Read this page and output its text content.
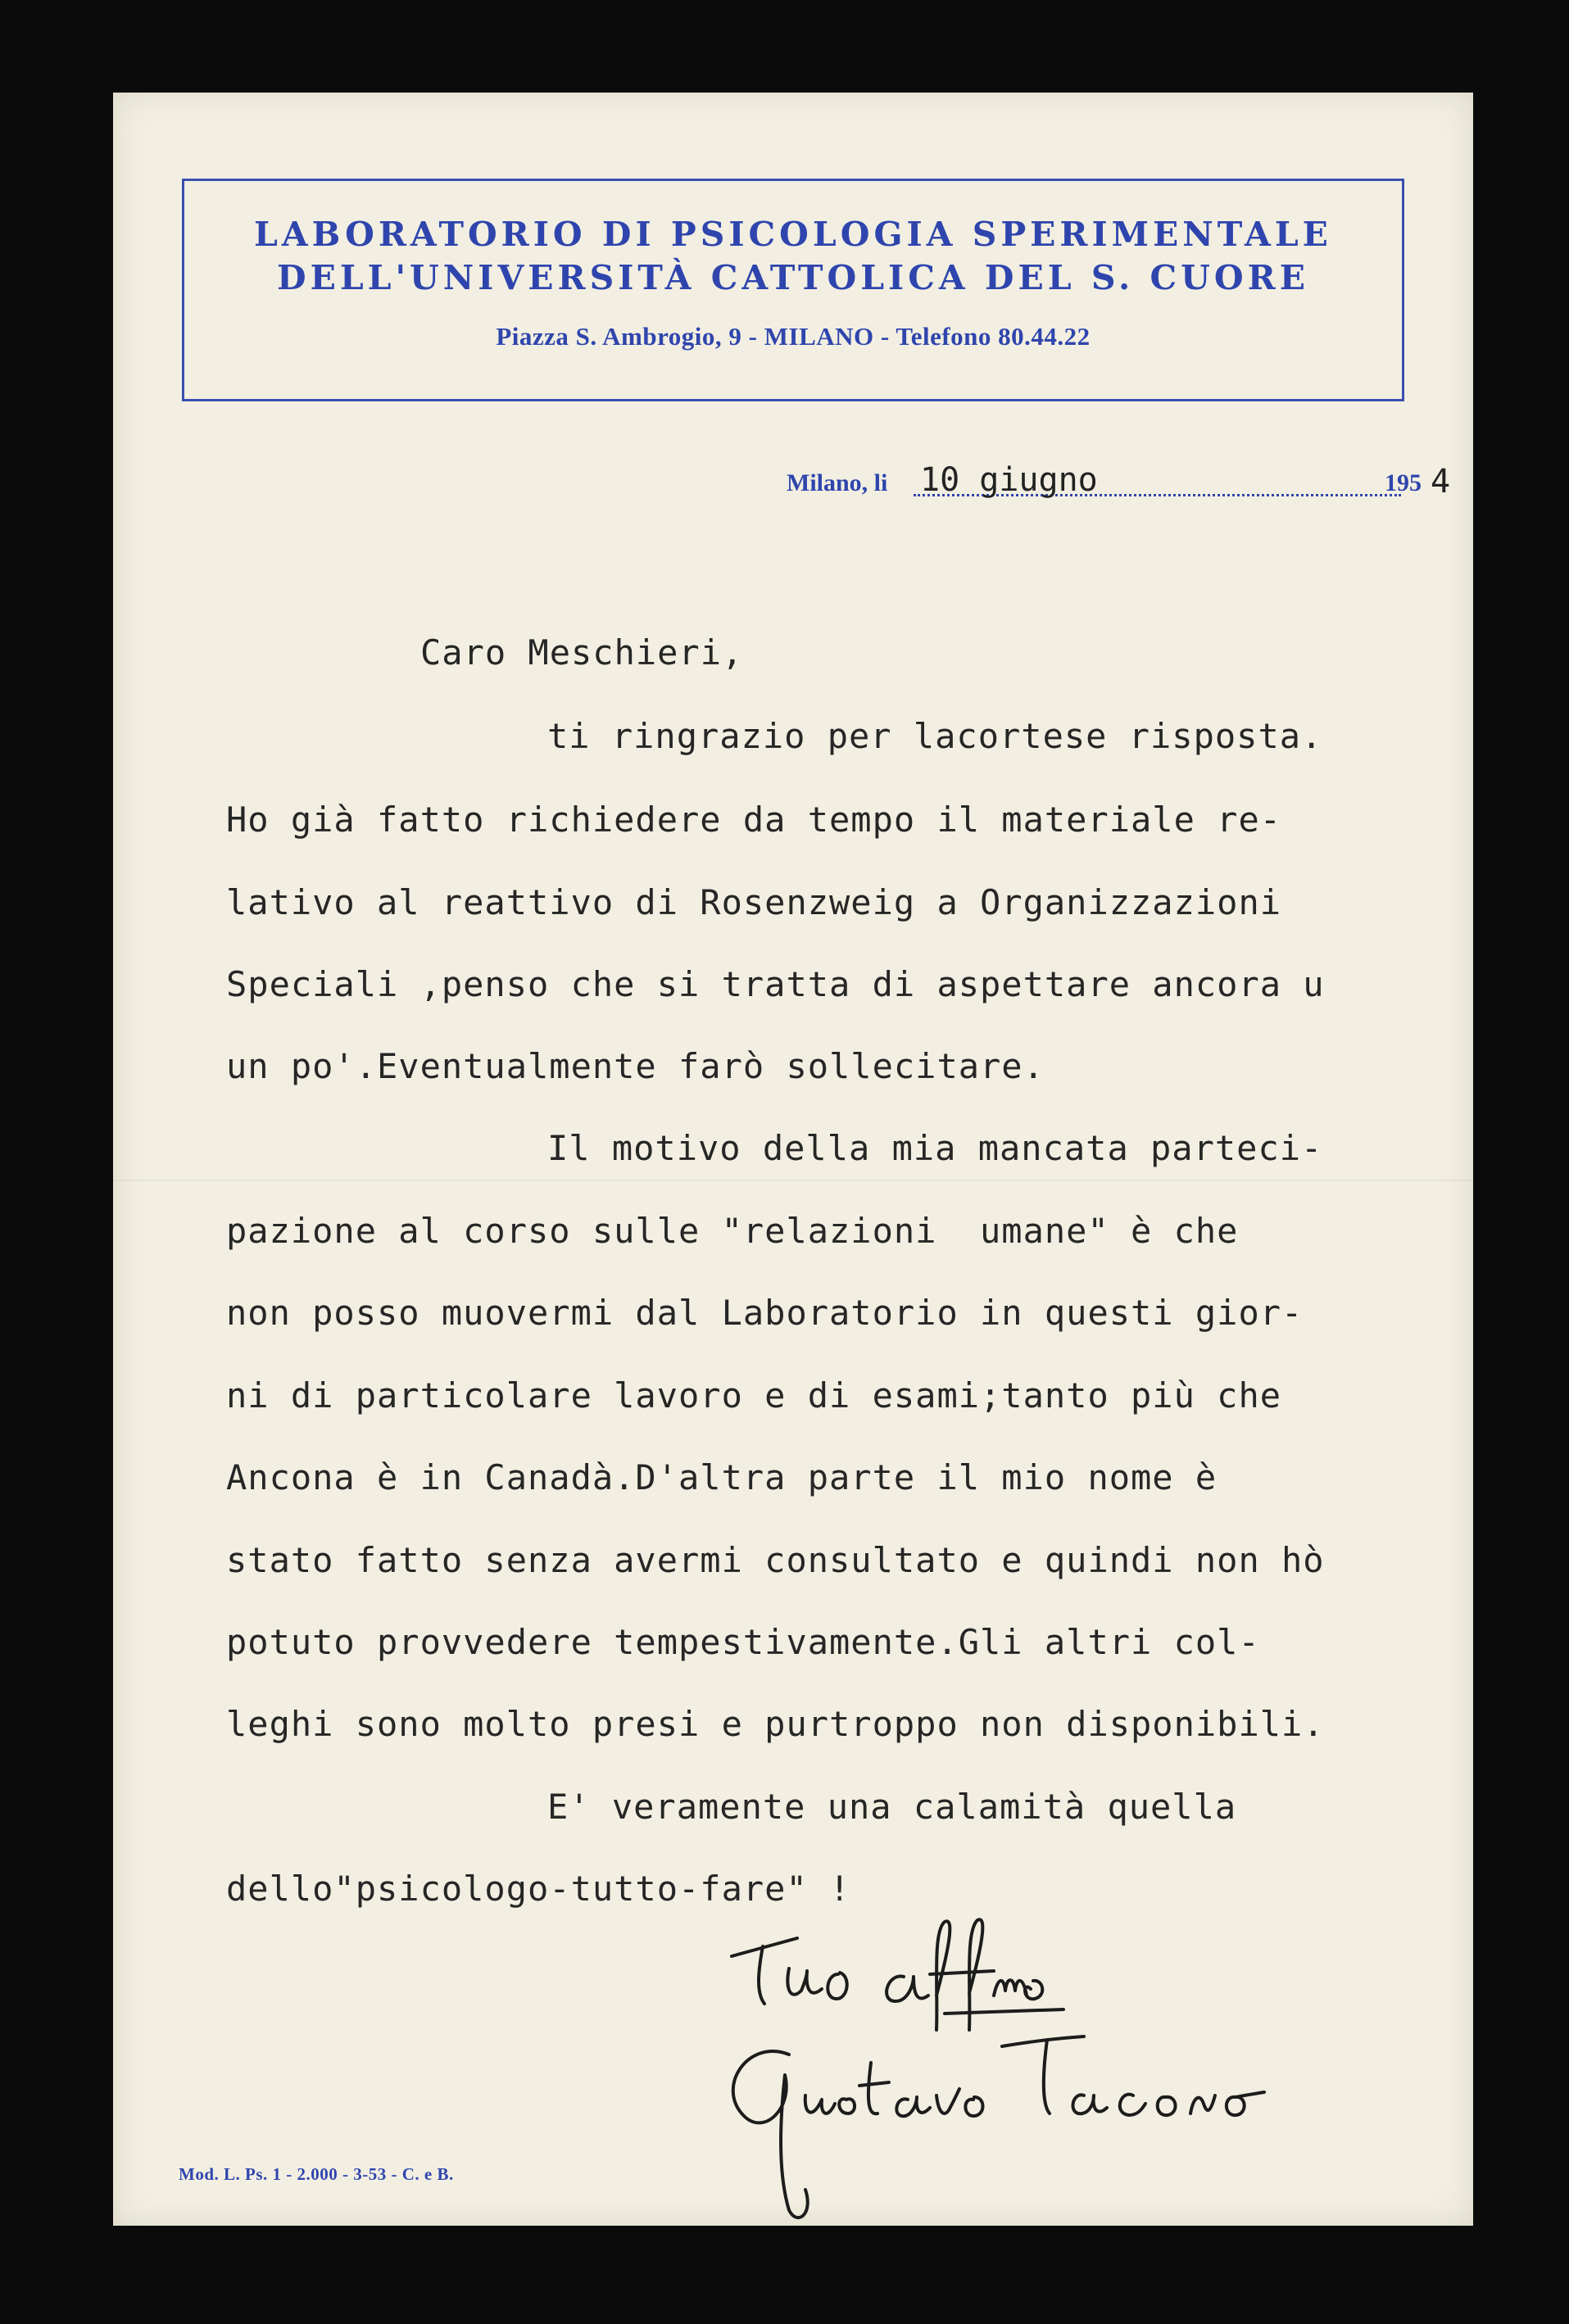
LABORATORIO DI PSICOLOGIA SPERIMENTALE
DELL'UNIVERSITÀ CATTOLICA DEL S. CUORE
Piazza S. Ambrogio, 9 - MILANO - Telefono 80.44.22
Milano, li 10 giugno	195 4
Caro Meschieri,
ti ringrazio per lacortese risposta.
Ho già fatto richiedere da tempo il materiale re-
lativo al reattivo di Rosenzweig a Organizzazioni
Speciali ,penso che si tratta di aspettare ancora u
un po'.Eventualmente farò sollecitare.
Il motivo della mia mancata parteci-
pazione al corso sulle "relazioni  umane" è che
non posso muovermi dal Laboratorio in questi gior-
ni di particolare lavoro e di esami;tanto più che
Ancona è in Canadà.D'altra parte il mio nome è
stato fatto senza avermi consultato e quindi non hò
potuto provvedere tempestivamente.Gli altri col-
leghi sono molto presi e purtroppo non disponibili.
E' veramente una calamità quella
dello"psicologo-tutto-fare" !
Mod. L. Ps. 1 - 2.000 - 3-53 - C. e B.
